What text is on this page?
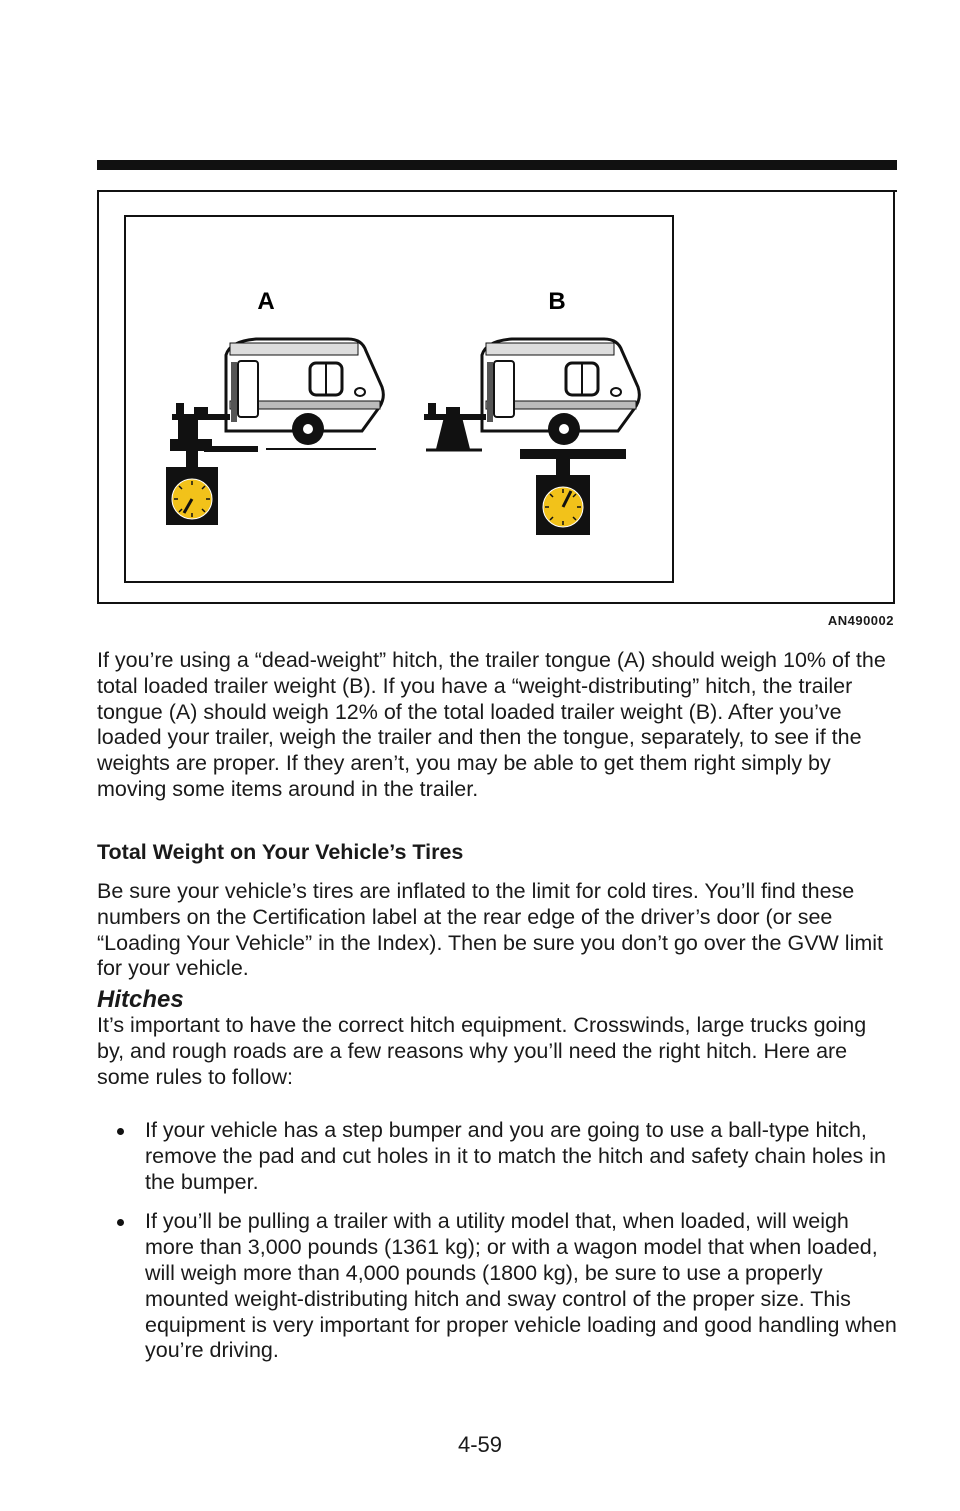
A	B
AN490002

If you’re using a “dead-weight” hitch, the trailer tongue (A) should weigh 10% of the total loaded trailer weight (B). If you have a “weight-distributing” hitch, the trailer tongue (A) should weigh 12% of the total loaded trailer weight (B). After you’ve loaded your trailer, weigh the trailer and then the tongue, separately, to see if the weights are proper. If they aren’t, you may be able to get them right simply by moving some items around in the trailer.

Total Weight on Your Vehicle’s Tires

Be sure your vehicle’s tires are inflated to the limit for cold tires. You’ll find these numbers on the Certification label at the rear edge of the driver’s door (or see “Loading Your Vehicle” in the Index). Then be sure you don’t go over the GVW limit for your vehicle.

Hitches

It’s important to have the correct hitch equipment. Crosswinds, large trucks going by, and rough roads are a few reasons why you’ll need the right hitch. Here are some rules to follow:

If your vehicle has a step bumper and you are going to use a ball-type hitch, remove the pad and cut holes in it to match the hitch and safety chain holes in the bumper.
If you’ll be pulling a trailer with a utility model that, when loaded, will weigh more than 3,000 pounds (1361 kg); or with a wagon model that when loaded, will weigh more than 4,000 pounds (1800 kg), be sure to use a properly mounted weight-distributing hitch and sway control of the proper size. This equipment is very important for proper vehicle loading and good handling when you’re driving.
4-59
